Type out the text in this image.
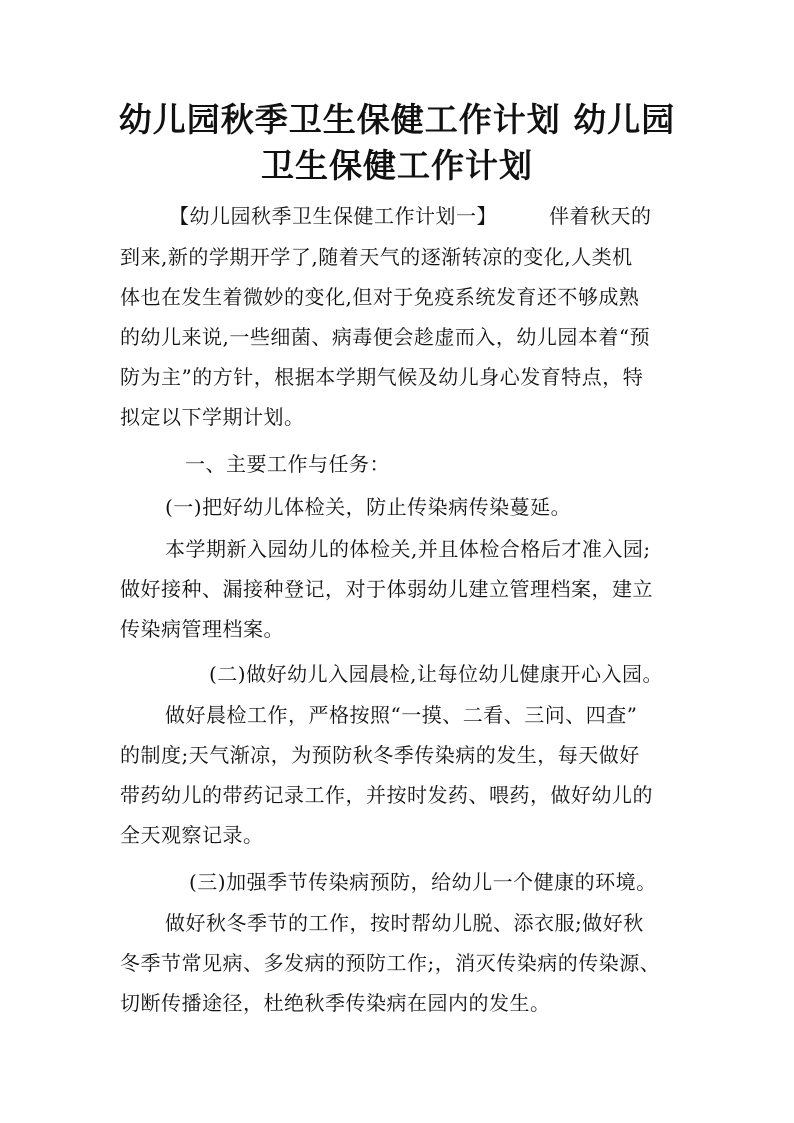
幼儿园秋季卫生保健工作计划 幼儿园
卫生保健工作计划
【幼儿园秋季卫生保健工作计划一】	伴着秋天的
到来,新的学期开学了,随着天气的逐渐转凉的变化,人类机
体也在发生着微妙的变化,但对于免疫系统发育还不够成熟
的幼儿来说,一些细菌、病毒便会趁虚而入，幼儿园本着“预
防为主”的方针，根据本学期气候及幼儿身心发育特点，特
拟定以下学期计划。
一、主要工作与任务：
(一)把好幼儿体检关，防止传染病传染蔓延。
本学期新入园幼儿的体检关,并且体检合格后才准入园;
做好接种、漏接种登记，对于体弱幼儿建立管理档案，建立
传染病管理档案。
(二)做好幼儿入园晨检,让每位幼儿健康开心入园。
做好晨检工作，严格按照“一摸、二看、三问、四查”
的制度;天气渐凉，为预防秋冬季传染病的发生，每天做好
带药幼儿的带药记录工作，并按时发药、喂药，做好幼儿的
全天观察记录。
(三)加强季节传染病预防，给幼儿一个健康的环境。
做好秋冬季节的工作，按时帮幼儿脱、添衣服;做好秋
冬季节常见病、多发病的预防工作;，消灭传染病的传染源、
切断传播途径，杜绝秋季传染病在园内的发生。
